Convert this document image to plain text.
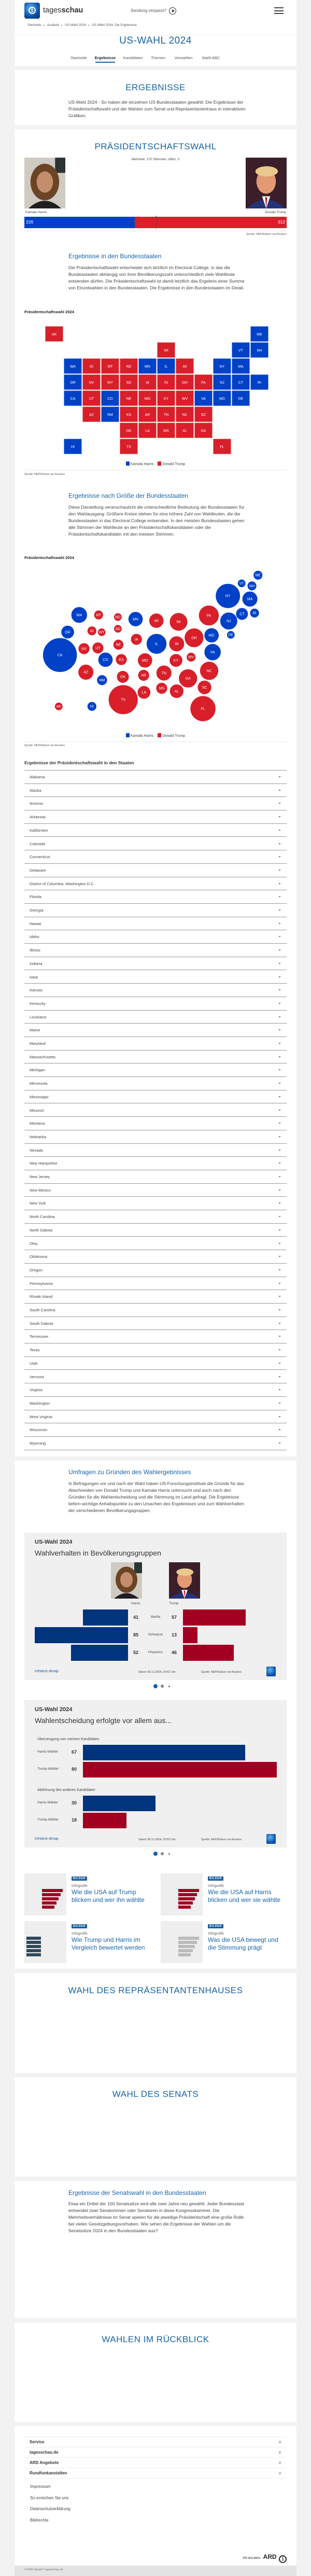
1	tagesschau	Sendung verpasst?
Startseite ▸ Ausland ▸ US-Wahl 2024 ▸ US-Wahl 2024: Die Ergebnisse
US-WAHL 2024
Startseite	Ergebnisse	Kandidaten	Themen	Vorwahlen	Wahl-ABC
ERGEBNISSE
US-Wahl 2024 - So haben die einzelnen US-Bundesstaaten gewählt: Die Ergebnisse der Präsidentschaftswahl und der Wahlen zum Senat und Repräsentantenhaus in interaktiven Grafiken.
PRÄSIDENTSCHAFTSWAHL
Mehrheit: 270 Stimmen, offen: 0
Kamala Harris	Donald Trump
226	312
Quelle: NEP/Edison via Reuters
Ergebnisse in den Bundesstaaten
Die Präsidentschaftswahl entscheidet sich letztlich im Electoral College, in das die Bundesstaaten abhängig von ihrer Bevölkerungszahl unterschiedlich viele Wahlleute entsenden dürfen. Die Präsidentschaftswahl ist damit letztlich das Ergebnis einer Summe von Einzelwahlen in den Bundesstaaten. Die Ergebnisse in den Bundesstaaten im Detail.
Präsidentschaftswahl 2024
AK	ME
WI	VT	NH
WA	ID	MT	ND	MN	IL	MI	NY	MA
OR	NV	WY	SD	IA	IN	OH	PA	NJ	CT	RI
CA	UT	CO	NE	MO	KY	WV	VA	MD	DE
AZ	NM	KS	AR	TN	NC	SC
OK	LA	MS	AL	GA
HI	TX	FL
Kamala Harris Donald Trump
Quelle: NEP/Edison via Reuters
Ergebnisse nach Größe der Bundesstaaten
Diese Darstellung veranschaulicht die unterschiedliche Bedeutung der Bundesstaaten für den Wahlausgang. Größere Kreise stehen für eine höhere Zahl von Wahlleuten, die die Bundesstaaten in das Electoral College entsenden. In den meisten Bundesstaaten gehen alle Stimmen der Wahlleute an den Präsidentschaftskandidaten oder die Präsidentschaftskandidatin mit den meisten Stimmen.
Präsidentschaftswahl 2024
ME
VT
NH
NY
MA
WA	MT
ND
MN	WI	MI
PA
NJ
CT RI
OR	ID WY
SD
IA
IL	IN
OH
MD	DE
CA
NV UT
CO
NE
KS	MO	KY
WV
VA
NC
AZ
NM
OK	AR
TN
GA
SC
MS
AL
LA
TX
FL
AK	HI
Kamala Harris Donald Trump
Quelle: NEP/Edison via Reuters
Ergebnisse der Präsidentschaftswahl in den Staaten
Alabama	▼
Alaska	▼
Arizona	▼
Arkansas	▼
Kalifornien	▼
Colorado	▼
Connecticut	▼
Delaware	▼
District of Columbia, Washington D.C.	▼
Florida	▼
Georgia	▼
Hawaii	▼
Idaho	▼
Illinois	▼
Indiana	▼
Iowa	▼
Kansas	▼
Kentucky	▼
Louisiana	▼
Maine	▼
Maryland	▼
Massachusetts	▼
Michigan	▼
Minnesota	▼
Mississippi	▼
Missouri	▼
Montana	▼
Nebraska	▼
Nevada	▼
New Hampshire	▼
New Jersey	▼
New Mexico	▼
New York	▼
North Carolina	▼
North Dakota	▼
Ohio	▼
Oklahoma	▼
Oregon	▼
Pennsylvania	▼
Rhode Island	▼
South Carolina	▼
South Dakota	▼
Tennessee	▼
Texas	▼
Utah	▼
Vermont	▼
Virginia	▼
Washington	▼
West Virginia	▼
Wisconsin	▼
Wyoming	▼
Umfragen zu Gründen des Wahlergebnisses
In Befragungen vor und nach der Wahl haben US-Forschungsinstitute die Gründe für das Abschneiden von Donald Trump und Kamala Harris untersucht und auch nach den Gründen für die Wahlentscheidung und die Stimmung im Land gefragt. Die Ergebnisse liefern wichtige Anhaltspunkte zu den Ursachen des Ergebnisses und zum Wahlverhalten der verschiedenen Bevölkerungsgruppen.
US-Wahl 2024
Wahlverhalten in Bevölkerungsgruppen
Harris	Trump
41	Weiße	57
85	Schwarze	13
52	Hispanics	46
infratest dimap	Stand: 06.11.2024, 20:52 Uhr	Quelle: NEP/Edison via Reuters
US-Wahl 2024
Wahlentscheidung erfolgte vor allem aus...
Überzeugung von meinem Kandidaten
Harris-Wähler	67
Trump-Wähler	80
Ablehnung des anderen Kandidaten
Harris-Wähler	30
Trump-Wähler	18
infratest dimap	Stand: 06.11.2024, 20:52 Uhr	Quelle: NEP/Edison via Reuters
BILDER
Infografik
Wie die USA auf Trump blicken und wer ihn wählte
BILDER
Infografik
Wie die USA auf Harris blicken und wer sie wählte
BILDER
Infografik
Wie Trump und Harris im Vergleich bewertet werden
BILDER
Infografik
Was die USA bewegt und die Stimmung prägt
WAHL DES REPRÄSENTANTENHAUSES
WAHL DES SENATS
Ergebnisse der Senatswahl in den Bundesstaaten
Etwa ein Drittel der 100 Senatssitze wird alle zwei Jahre neu gewählt. Jeder Bundesstaat entsendet zwei Senatorinnen oder Senatoren in diese Kongresskammer. Die Mehrheitsverhältnisse im Senat spielen für die jeweilige Präsidentschaft eine große Rolle bei vielen Gesetzgebungsvorhaben. Wie sehen die Ergebnisse der Wahlen um die Senatssitze 2024 in den Bundesstaaten aus?
WAHLEN IM RÜCKBLICK
Service	∨
tagesschau.de	∨
ARD Angebote	∨
Rundfunkanstalten	∨
Impressum
So erreichen Sie uns
Datenschutzerklärung
Bildrechte
Wir sind deins. ARD 1
© ARD-aktuell / tagesschau.de
